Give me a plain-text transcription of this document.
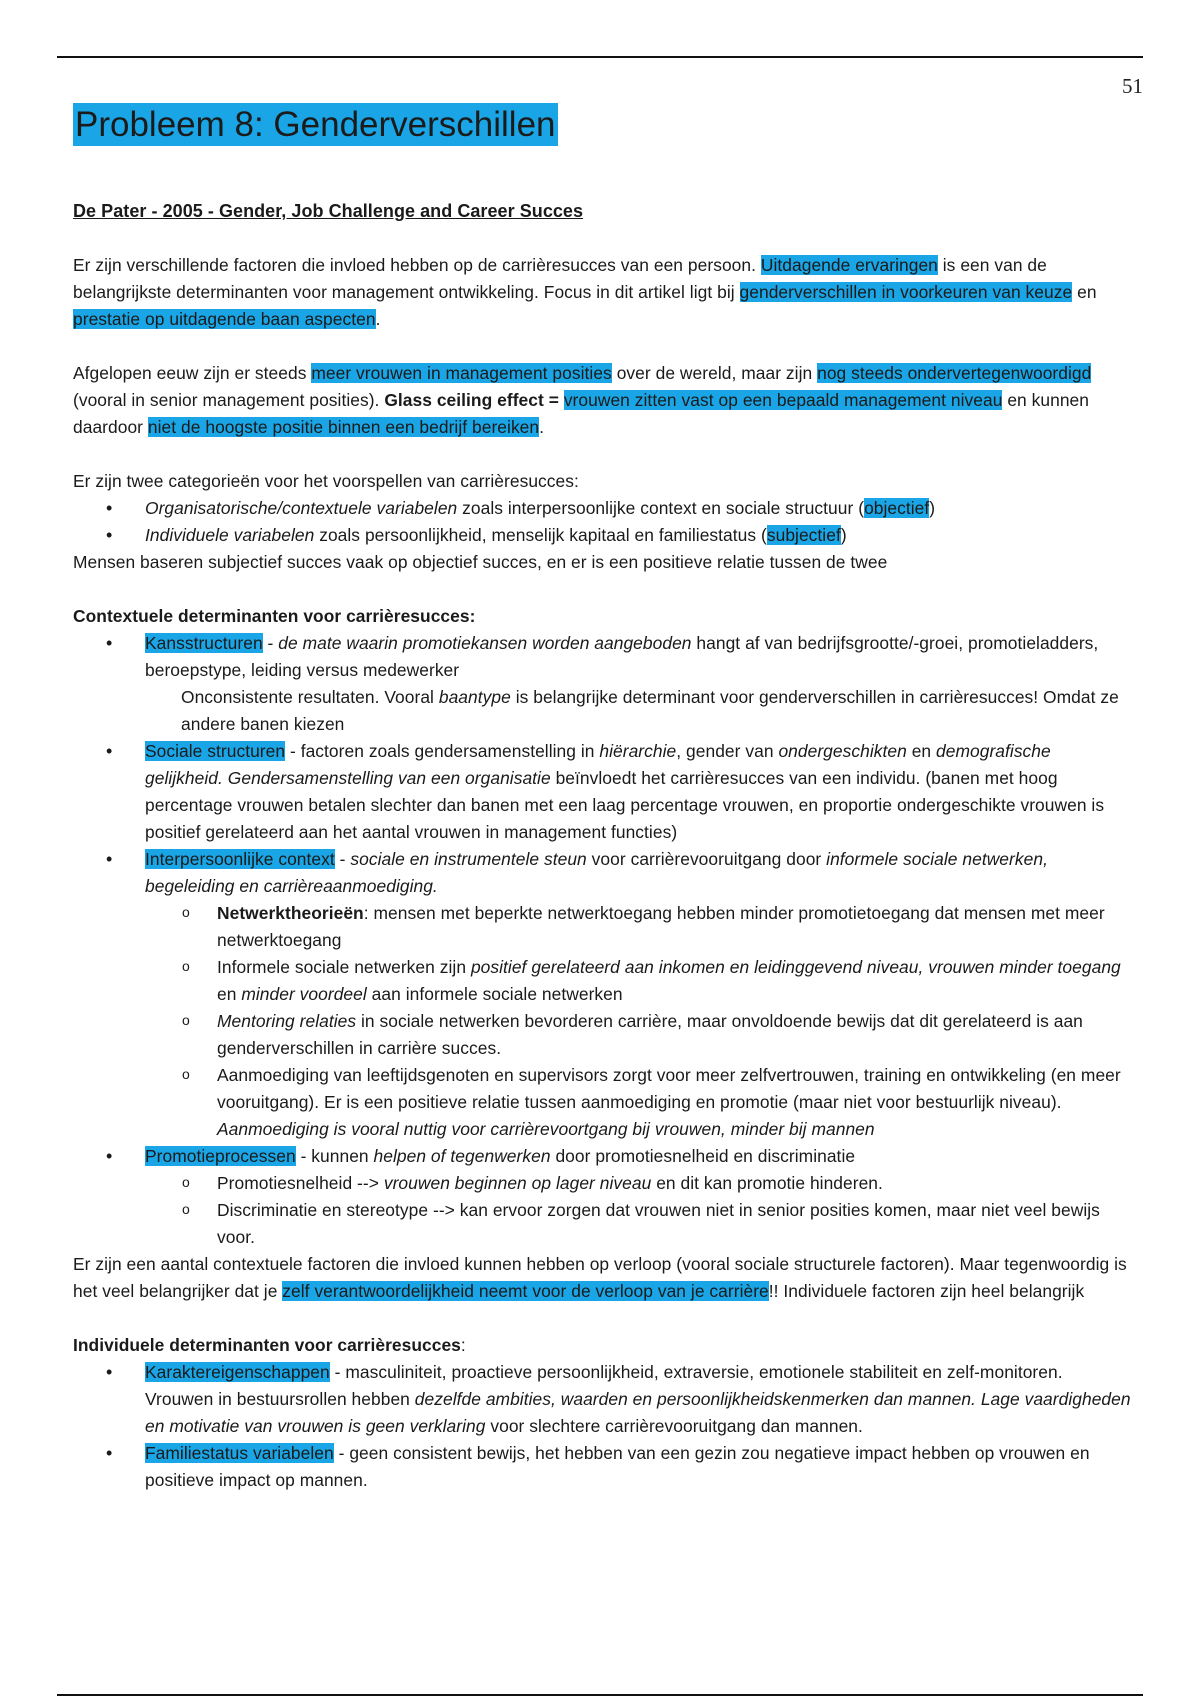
51
Probleem 8: Genderverschillen

De Pater - 2005 - Gender, Job Challenge and Career Succes

Er zijn verschillende factoren die invloed hebben op de carrièresucces van een persoon. Uitdagende ervaringen is een van de belangrijkste determinanten voor management ontwikkeling. Focus in dit artikel ligt bij genderverschillen in voorkeuren van keuze en prestatie op uitdagende baan aspecten.

Afgelopen eeuw zijn er steeds meer vrouwen in management posities over de wereld, maar zijn nog steeds ondervertegenwoordigd (vooral in senior management posities). Glass ceiling effect = vrouwen zitten vast op een bepaald management niveau en kunnen daardoor niet de hoogste positie binnen een bedrijf bereiken.

Er zijn twee categorieën voor het voorspellen van carrièresucces:

• Organisatorische/contextuele variabelen zoals interpersoonlijke context en sociale structuur (objectief)
• Individuele variabelen zoals persoonlijkheid, menselijk kapitaal en familiestatus (subjectief)

Mensen baseren subjectief succes vaak op objectief succes, en er is een positieve relatie tussen de twee

Contextuele determinanten voor carrièresucces:

• Kansstructuren - de mate waarin promotiekansen worden aangeboden hangt af van bedrijfsgrootte/-groei, promotieladders, beroepstype, leiding versus medewerker

Onconsistente resultaten. Vooral baantype is belangrijke determinant voor genderverschillen in carrièresucces! Omdat ze andere banen kiezen

• Sociale structuren - factoren zoals gendersamenstelling in hiërarchie, gender van ondergeschikten en demografische gelijkheid. Gendersamenstelling van een organisatie beïnvloedt het carrièresucces van een individu. (banen met hoog percentage vrouwen betalen slechter dan banen met een laag percentage vrouwen, en proportie ondergeschikte vrouwen is positief gerelateerd aan het aantal vrouwen in management functies)
• Interpersoonlijke context - sociale en instrumentele steun voor carrièrevooruitgang door informele sociale netwerken, begeleiding en carrièreaanmoediging.
o Netwerktheorieën: mensen met beperkte netwerktoegang hebben minder promotietoegang dat mensen met meer netwerktoegang
o Informele sociale netwerken zijn positief gerelateerd aan inkomen en leidinggevend niveau, vrouwen minder toegang en minder voordeel aan informele sociale netwerken
o Mentoring relaties in sociale netwerken bevorderen carrière, maar onvoldoende bewijs dat dit gerelateerd is aan genderverschillen in carrière succes.
o Aanmoediging van leeftijdsgenoten en supervisors zorgt voor meer zelfvertrouwen, training en ontwikkeling (en meer vooruitgang). Er is een positieve relatie tussen aanmoediging en promotie (maar niet voor bestuurlijk niveau). Aanmoediging is vooral nuttig voor carrièrevoortgang bij vrouwen, minder bij mannen
• Promotieprocessen - kunnen helpen of tegenwerken door promotiesnelheid en discriminatie
o Promotiesnelheid --> vrouwen beginnen op lager niveau en dit kan promotie hinderen.
o Discriminatie en stereotype --> kan ervoor zorgen dat vrouwen niet in senior posities komen, maar niet veel bewijs voor.

Er zijn een aantal contextuele factoren die invloed kunnen hebben op verloop (vooral sociale structurele factoren). Maar tegenwoordig is het veel belangrijker dat je zelf verantwoordelijkheid neemt voor de verloop van je carrière!! Individuele factoren zijn heel belangrijk

Individuele determinanten voor carrièresucces:

• Karaktereigenschappen - masculiniteit, proactieve persoonlijkheid, extraversie, emotionele stabiliteit en zelf-monitoren. Vrouwen in bestuursrollen hebben dezelfde ambities, waarden en persoonlijkheidskenmerken dan mannen. Lage vaardigheden en motivatie van vrouwen is geen verklaring voor slechtere carrièrevooruitgang dan mannen.
• Familiestatus variabelen - geen consistent bewijs, het hebben van een gezin zou negatieve impact hebben op vrouwen en positieve impact op mannen.
